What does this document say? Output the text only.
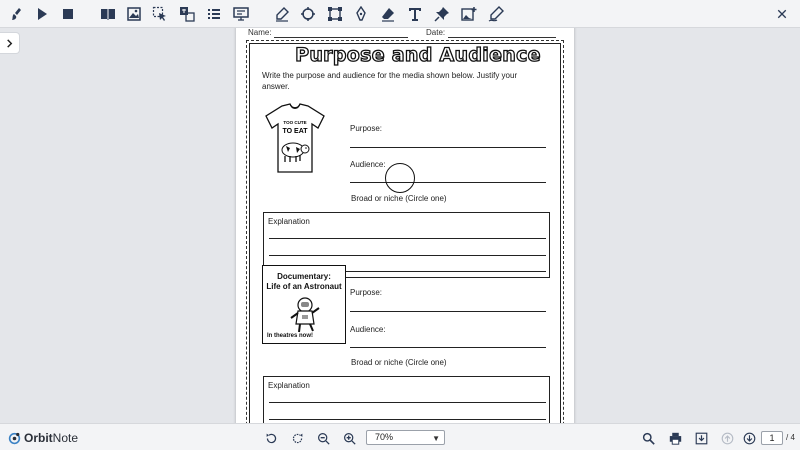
Name:	Date:
Purpose and Audience
Write the purpose and audience for the media shown below. Justify your answer.
TOO CUTE
TO EAT	Purpose:
Audience:
Broad or niche (Circle one)
Explanation
Documentary:
Life of an Astronaut
In theatres now!
Purpose:
Audience:
Broad or niche (Circle one)
Explanation
OrbitNote	70%	▼	1	/ 4
